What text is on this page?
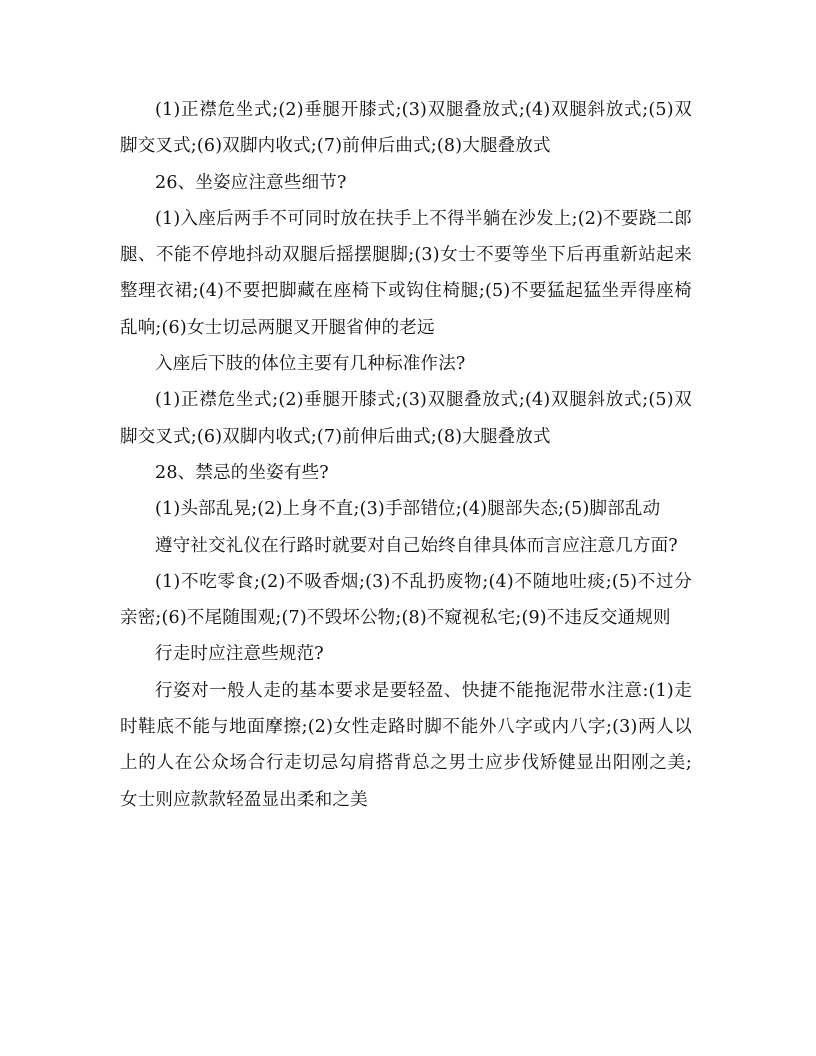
(1)正襟危坐式;(2)垂腿开膝式;(3)双腿叠放式;(4)双腿斜放式;(5)双脚交叉式;(6)双脚内收式;(7)前伸后曲式;(8)大腿叠放式

26、坐姿应注意些细节?

(1)入座后两手不可同时放在扶手上不得半躺在沙发上;(2)不要跷二郎腿、不能不停地抖动双腿后摇摆腿脚;(3)女士不要等坐下后再重新站起来整理衣裙;(4)不要把脚藏在座椅下或钩住椅腿;(5)不要猛起猛坐弄得座椅乱响;(6)女士切忌两腿叉开腿省伸的老远

入座后下肢的体位主要有几种标准作法?

(1)正襟危坐式;(2)垂腿开膝式;(3)双腿叠放式;(4)双腿斜放式;(5)双脚交叉式;(6)双脚内收式;(7)前伸后曲式;(8)大腿叠放式

28、禁忌的坐姿有些?

(1)头部乱晃;(2)上身不直;(3)手部错位;(4)腿部失态;(5)脚部乱动

遵守社交礼仪在行路时就要对自己始终自律具体而言应注意几方面?

(1)不吃零食;(2)不吸香烟;(3)不乱扔废物;(4)不随地吐痰;(5)不过分亲密;(6)不尾随围观;(7)不毁坏公物;(8)不窥视私宅;(9)不违反交通规则

行走时应注意些规范?

行姿对一般人走的基本要求是要轻盈、快捷不能拖泥带水注意:(1)走时鞋底不能与地面摩擦;(2)女性走路时脚不能外八字或内八字;(3)两人以上的人在公众场合行走切忌勾肩搭背总之男士应步伐矫健显出阳刚之美;女士则应款款轻盈显出柔和之美
